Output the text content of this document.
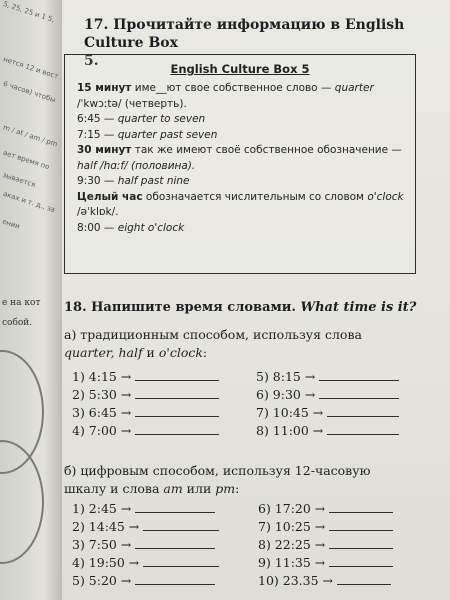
5, 25, 25 и 1 5,
нется 12 и вост
6 часов) чтобы
m / at / am / pm
ает время по
зывается
аках и т. д., за
ении
е на кот
собой.
17. Прочитайте информацию в English Culture Box
5.	English Culture Box 5
15 минут име__ют свое собственное слово — quarter
/ˈkwɔːtə/ (четверть).
6:45 — quarter to seven
7:15 — quarter past seven
30 минут так же имеют своё собственное обозначение —
half /hɑːf/ (половина).
9:30 — half past nine
Целый час обозначается числительным со словом o'clock
/əˈklɒk/.
8:00 — eight o'clock
18. Напишите время словами. What time is it?
а) традиционным способом, используя слова
quarter, half и o'clock:
1) 4:15 →
2) 5:30 →
3) 6:45 →
4) 7:00 →
5) 8:15 →
6) 9:30 →
7) 10:45 →
8) 11:00 →
б) цифровым способом, используя 12-часовую
шкалу и слова am или pm:
1) 2:45 →
2) 14:45 →
3) 7:50 →
4) 19:50 →
5) 5:20 →
6) 17:20 →
7) 10:25 →
8) 22:25 →
9) 11:35 →
10) 23.35 →
